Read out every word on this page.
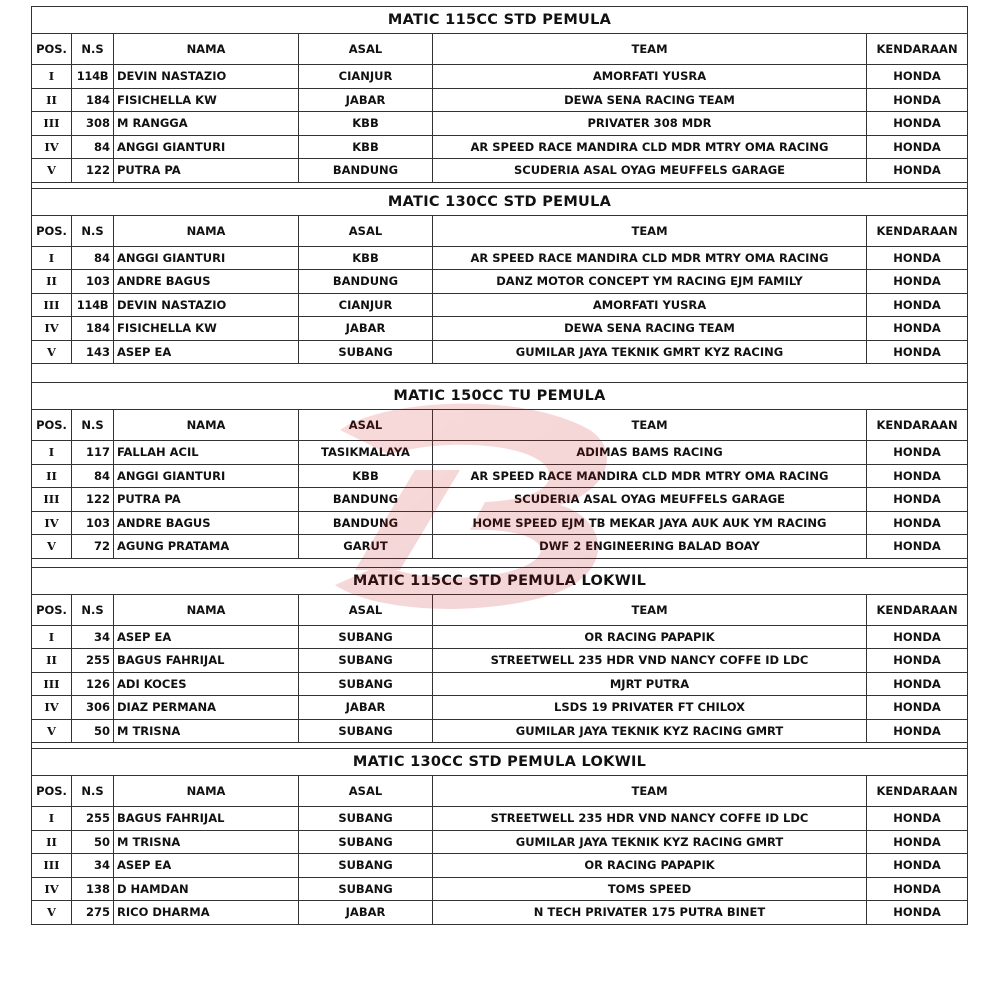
MATIC 115CC STD PEMULA					
POS.	N.S	NAMA	ASAL	TEAM	KENDARAAN
I	114B	DEVIN NASTAZIO	CIANJUR	AMORFATI YUSRA	HONDA
II	184	FISICHELLA KW	JABAR	DEWA SENA RACING TEAM	HONDA
III	308	M RANGGA	KBB	PRIVATER 308 MDR	HONDA
IV	84	ANGGI GIANTURI	KBB	AR SPEED RACE MANDIRA CLD MDR MTRY OMA RACING	HONDA
V	122	PUTRA PA	BANDUNG	SCUDERIA ASAL OYAG MEUFFELS GARAGE	HONDA

MATIC 130CC STD PEMULA					
POS.	N.S	NAMA	ASAL	TEAM	KENDARAAN
I	84	ANGGI GIANTURI	KBB	AR SPEED RACE MANDIRA CLD MDR MTRY OMA RACING	HONDA
II	103	ANDRE BAGUS	BANDUNG	DANZ MOTOR CONCEPT YM RACING EJM FAMILY	HONDA
III	114B	DEVIN NASTAZIO	CIANJUR	AMORFATI YUSRA	HONDA
IV	184	FISICHELLA KW	JABAR	DEWA SENA RACING TEAM	HONDA
V	143	ASEP EA	SUBANG	GUMILAR JAYA TEKNIK GMRT KYZ RACING	HONDA

MATIC 150CC TU PEMULA					
POS.	N.S	NAMA	ASAL	TEAM	KENDARAAN
I	117	FALLAH ACIL	TASIKMALAYA	ADIMAS BAMS RACING	HONDA
II	84	ANGGI GIANTURI	KBB	AR SPEED RACE MANDIRA CLD MDR MTRY OMA RACING	HONDA
III	122	PUTRA PA	BANDUNG	SCUDERIA ASAL OYAG MEUFFELS GARAGE	HONDA
IV	103	ANDRE BAGUS	BANDUNG	HOME SPEED EJM TB MEKAR JAYA AUK AUK YM RACING	HONDA
V	72	AGUNG PRATAMA	GARUT	DWF 2 ENGINEERING BALAD BOAY	HONDA

MATIC 115CC STD PEMULA LOKWIL					
POS.	N.S	NAMA	ASAL	TEAM	KENDARAAN
I	34	ASEP EA	SUBANG	OR RACING PAPAPIK	HONDA
II	255	BAGUS FAHRIJAL	SUBANG	STREETWELL 235 HDR VND NANCY COFFE ID LDC	HONDA
III	126	ADI KOCES	SUBANG	MJRT PUTRA	HONDA
IV	306	DIAZ PERMANA	JABAR	LSDS 19 PRIVATER FT CHILOX	HONDA
V	50	M TRISNA	SUBANG	GUMILAR JAYA TEKNIK KYZ RACING GMRT	HONDA

MATIC 130CC STD PEMULA LOKWIL					
POS.	N.S	NAMA	ASAL	TEAM	KENDARAAN
I	255	BAGUS FAHRIJAL	SUBANG	STREETWELL 235 HDR VND NANCY COFFE ID LDC	HONDA
II	50	M TRISNA	SUBANG	GUMILAR JAYA TEKNIK KYZ RACING GMRT	HONDA
III	34	ASEP EA	SUBANG	OR RACING PAPAPIK	HONDA
IV	138	D HAMDAN	SUBANG	TOMS SPEED	HONDA
V	275	RICO DHARMA	JABAR	N TECH PRIVATER 175 PUTRA BINET	HONDA
